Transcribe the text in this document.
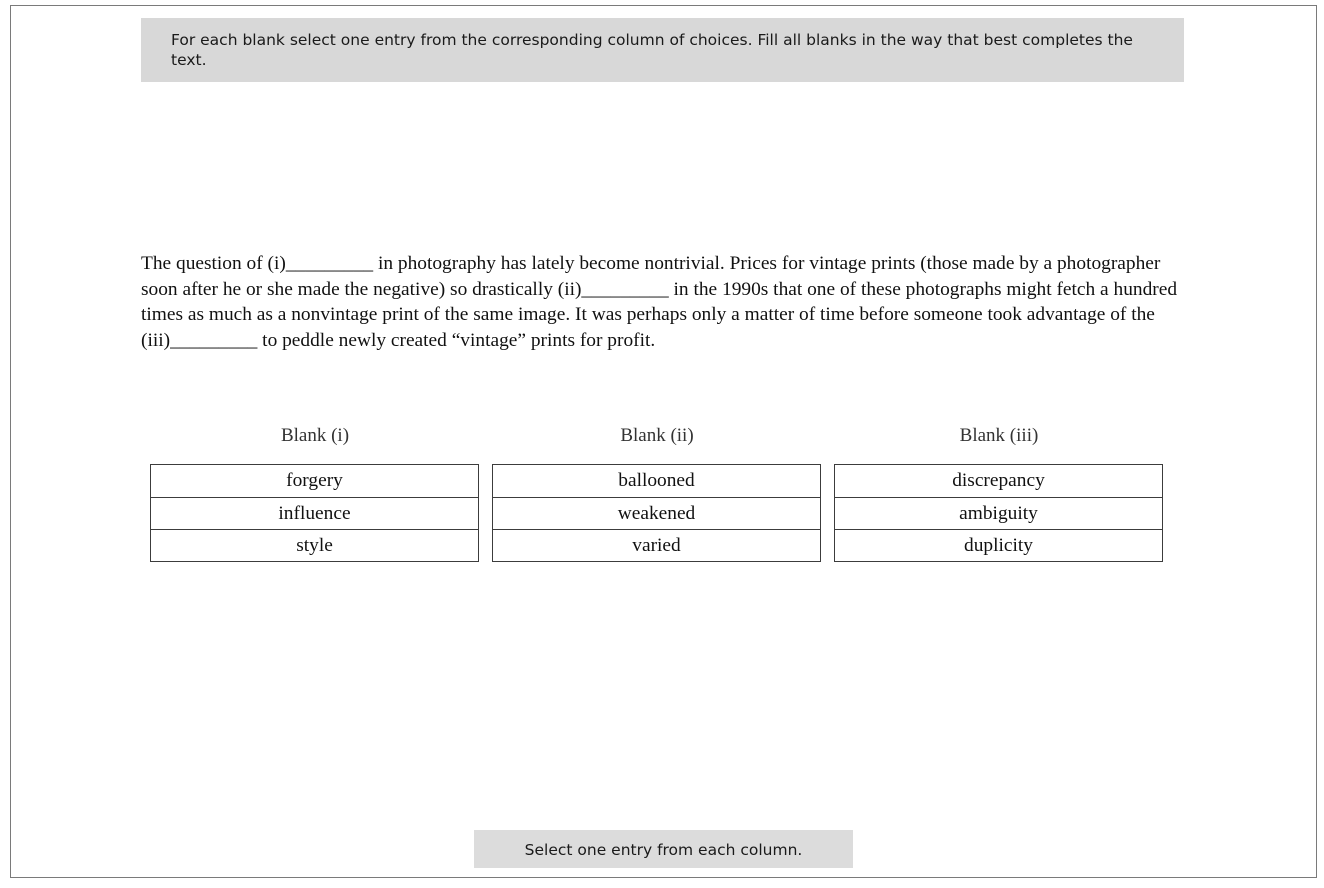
For each blank select one entry from the corresponding column of choices. Fill all blanks in the way that best completes the text.

The question of (i)_________ in photography has lately become nontrivial. Prices for vintage prints (those made by a photographer soon after he or she made the negative) so drastically (ii)_________ in the 1990s that one of these photographs might fetch a hundred times as much as a nonvintage print of the same image. It was perhaps only a matter of time before someone took advantage of the (iii)_________ to peddle newly created “vintage” prints for profit.

Blank (i)
forgery
influence
style
Blank (ii)
ballooned
weakened
varied
Blank (iii)
discrepancy
ambiguity
duplicity
Select one entry from each column.
